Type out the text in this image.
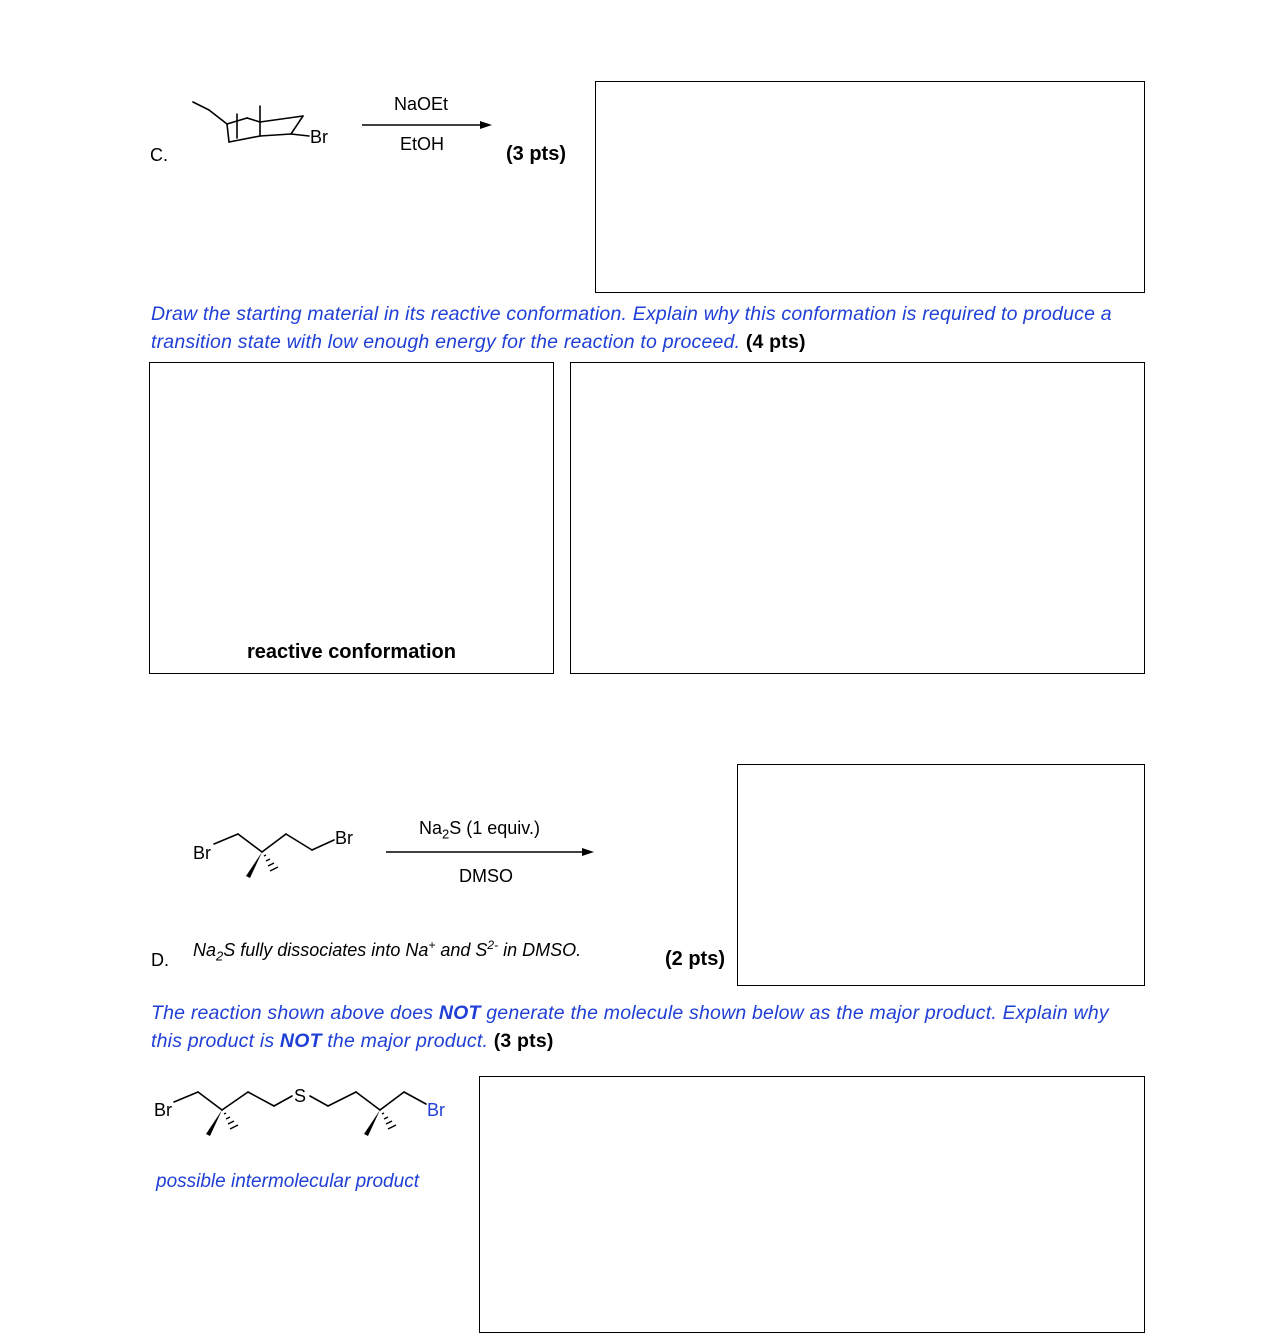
C.
Br
NaOEt
EtOH	(3 pts)
Draw the starting material in its reactive conformation. Explain why this conformation is required to produce a transition state with low enough energy for the reaction to proceed. (4 pts)
reactive conformation
Br
Br	$Na_2S$ (1 equiv.)
DMSO
D. $Na_2S$ fully dissociates into Na+ and $S^{2-}$ in DMSO.	(2 pts)
The reaction shown above does NOT generate the molecule shown below as the major product. Explain why this product is NOT the major product. (3 pts)
Br
S
Br
possible intermolecular product
